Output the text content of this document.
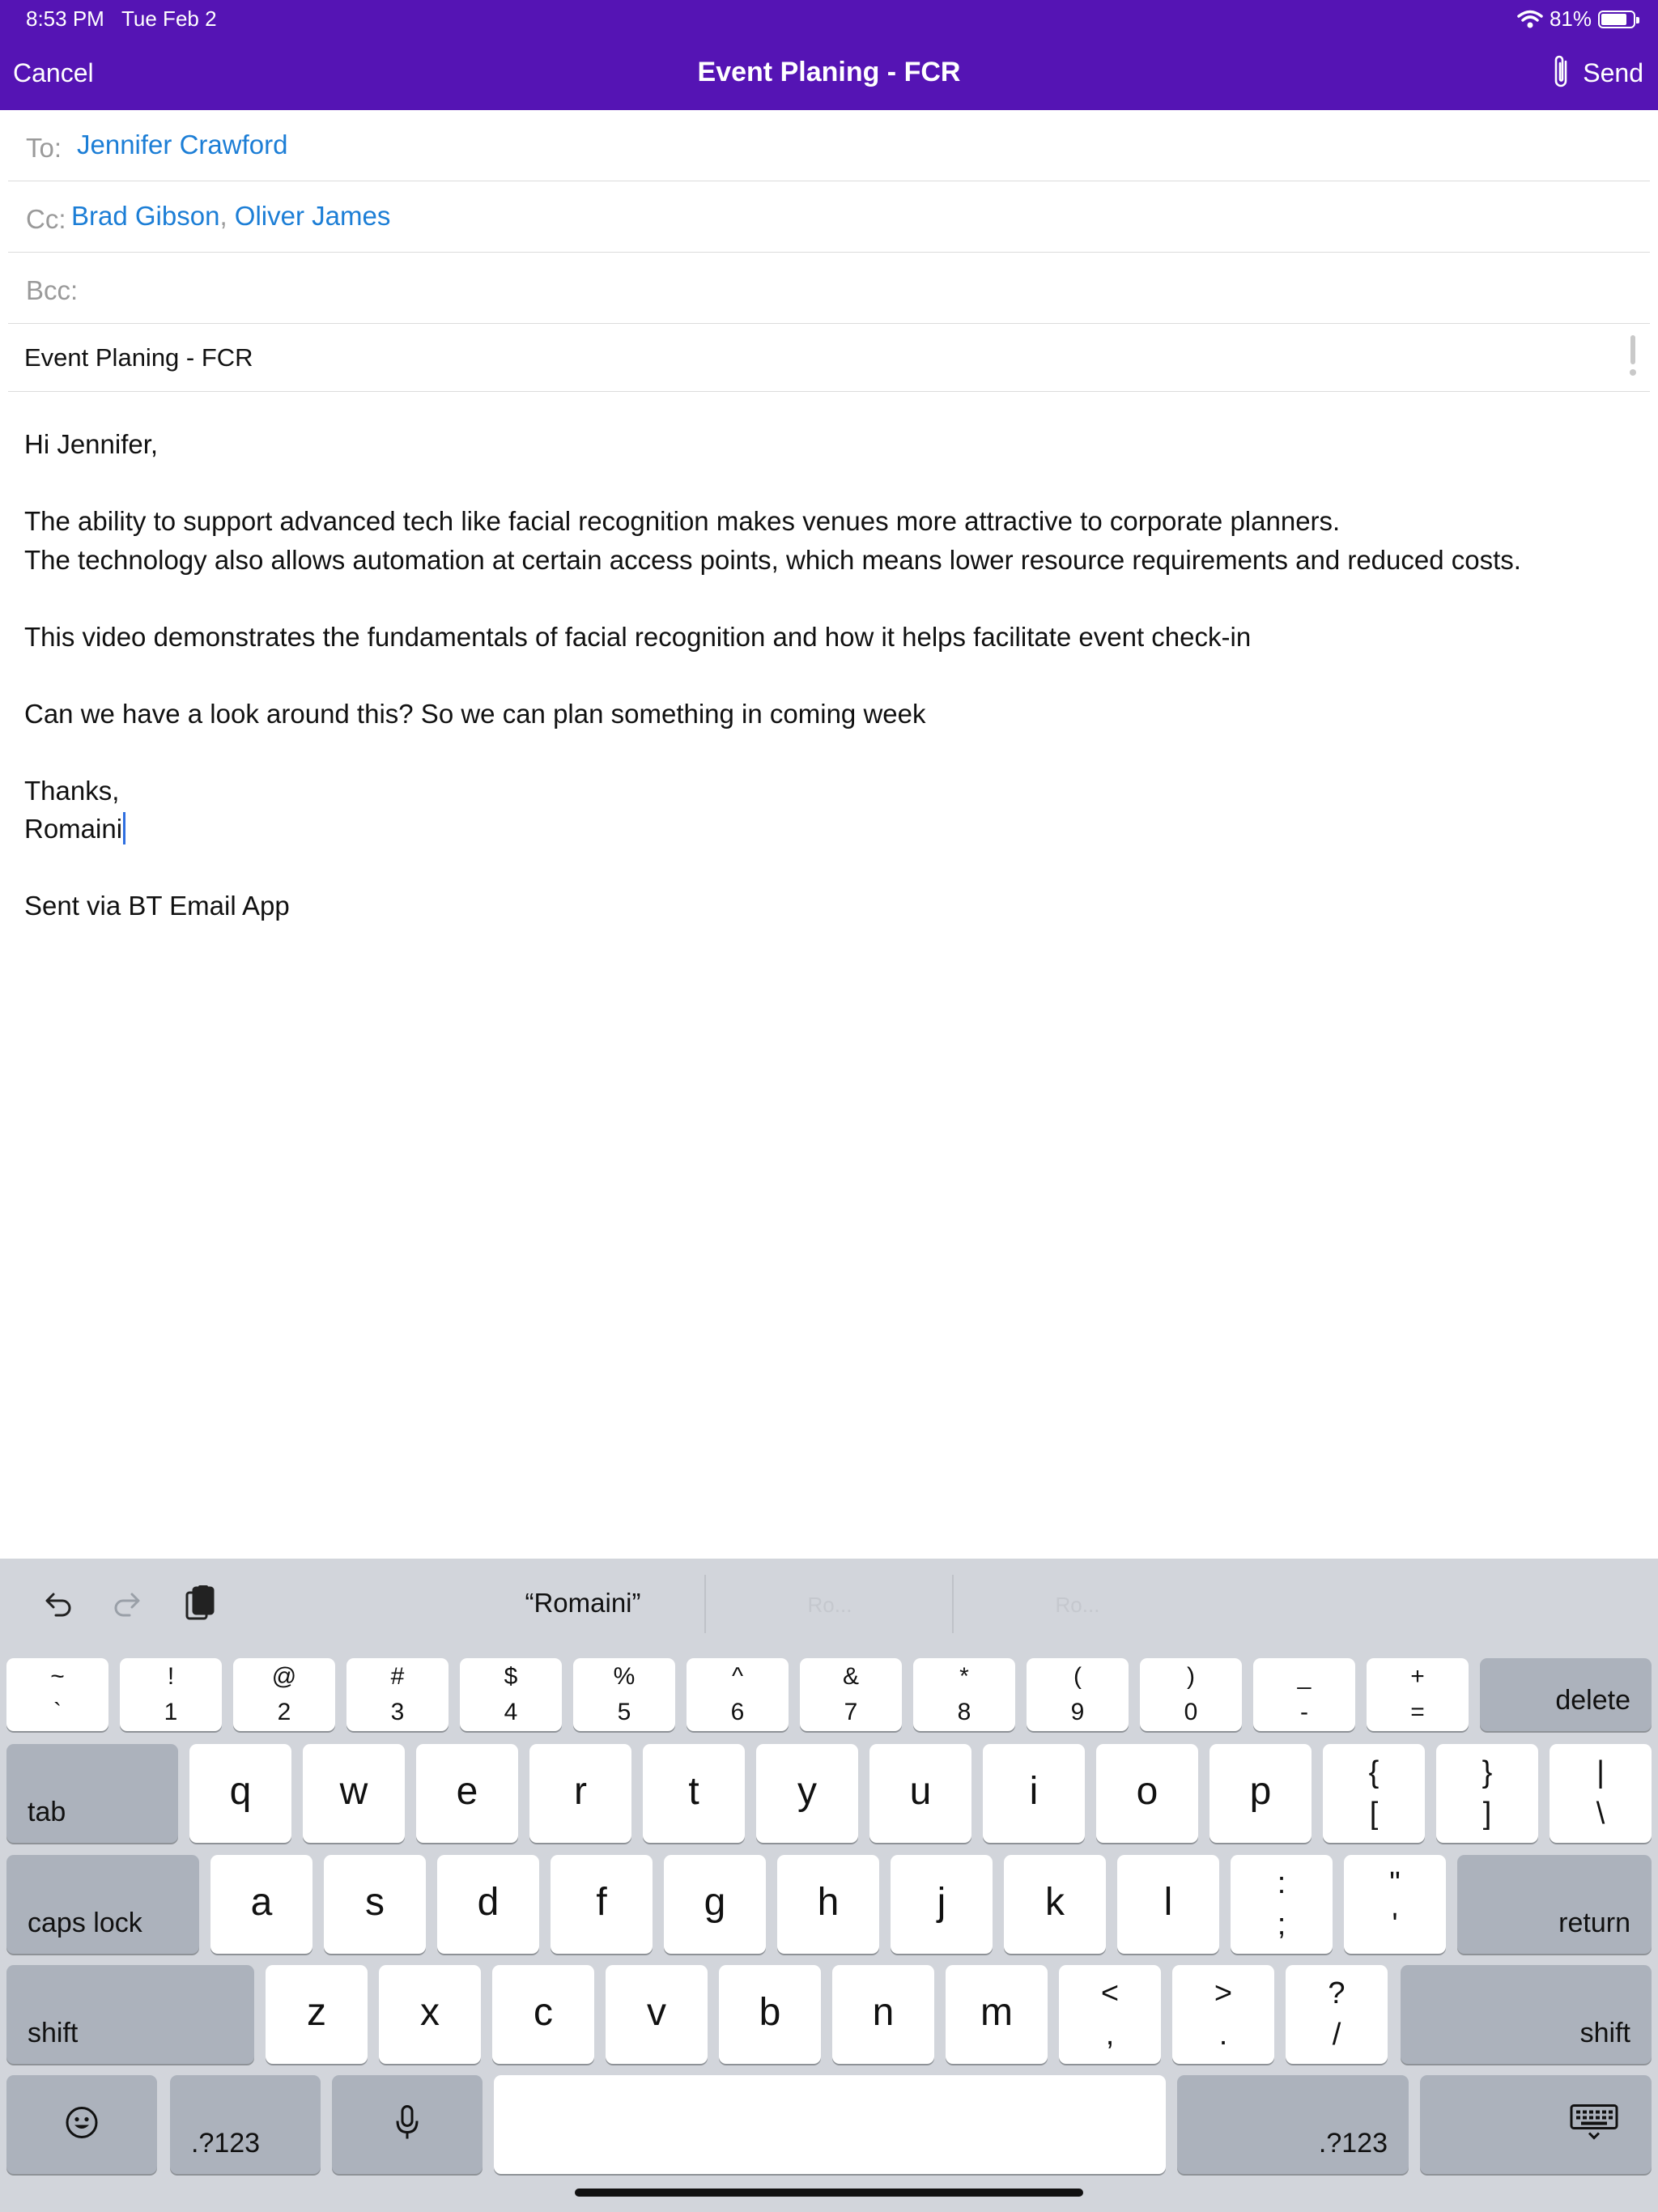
8:53 PM Tue Feb 2	81%
Cancel	Event Planing - FCR	Send
To: Jennifer Crawford
Cc: Brad Gibson, Oliver James
Bcc:
Event Planing - FCR
Hi Jennifer,
The ability to support advanced tech like facial recognition makes venues more attractive to corporate planners.
The technology also allows automation at certain access points, which means lower resource requirements and reduced costs.
This video demonstrates the fundamentals of facial recognition and how it helps facilitate event check-in
Can we have a look around this? So we can plan something in coming week
Thanks,
Romaini
Sent via BT Email App
“Romaini”	Ro...	Ro...
~
`
!
1
@
2
#
3
$
4
%
5
^
6
&
7
*
8
(
9
)
0
_
-
+
=	delete
tab	q	w	e	r	t	y	u	i	o	p	{
[
}
]
|
\
caps lock	a	s	d	f	g	h	j	k	l	:
;
"
'	return
shift	z	x	c	v	b	n	m	<
,
>
.
?
/	shift
.?123	.?123
